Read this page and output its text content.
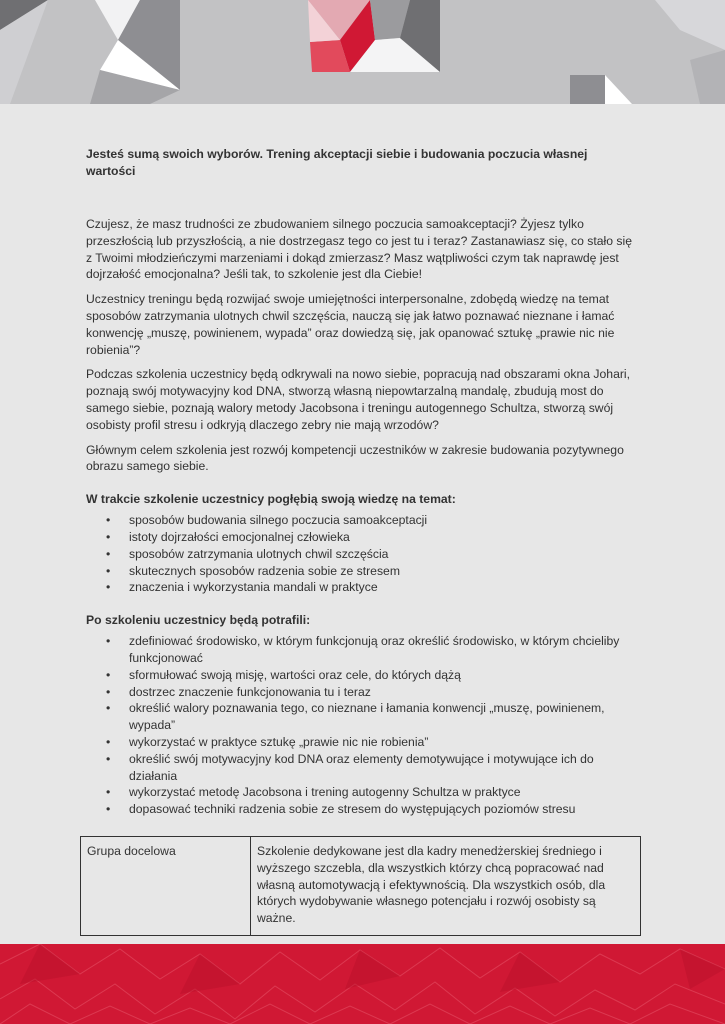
Jesteś sumą swoich wyborów. Trening akceptacji siebie i budowania poczucia własnej wartości

Czujesz, że masz trudności ze zbudowaniem silnego poczucia samoakceptacji? Żyjesz tylko przeszłością lub przyszłością, a nie dostrzegasz tego co jest tu i teraz? Zastanawiasz się, co stało się z Twoimi młodzieńczymi marzeniami i dokąd zmierzasz? Masz wątpliwości czym tak naprawdę jest dojrzałość emocjonalna? Jeśli tak, to szkolenie jest dla Ciebie!

Uczestnicy treningu będą rozwijać swoje umiejętności interpersonalne, zdobędą wiedzę na temat sposobów zatrzymania ulotnych chwil szczęścia, nauczą się jak łatwo poznawać nieznane i łamać konwencję „muszę, powinienem, wypada” oraz dowiedzą się, jak opanować sztukę „prawie nic nie robienia”?

Podczas szkolenia uczestnicy będą odkrywali na nowo siebie, popracują nad obszarami okna Johari, poznają swój motywacyjny kod DNA, stworzą własną niepowtarzalną mandalę, zbudują most do samego siebie, poznają walory metody Jacobsona i treningu autogennego Schultza, stworzą swój osobisty profil stresu i odkryją dlaczego zebry nie mają wrzodów?

Głównym celem szkolenia jest rozwój kompetencji uczestników w zakresie budowania pozytywnego obrazu samego siebie.

W trakcie szkolenie uczestnicy pogłębią swoją wiedzę na temat:

• sposobów budowania silnego poczucia samoakceptacji
• istoty dojrzałości emocjonalnej człowieka
• sposobów zatrzymania ulotnych chwil szczęścia
• skutecznych sposobów radzenia sobie ze stresem
• znaczenia i wykorzystania mandali w praktyce

Po szkoleniu uczestnicy będą potrafili:

• zdefiniować środowisko, w którym funkcjonują oraz określić środowisko, w którym chcieliby funkcjonować
• sformułować swoją misję, wartości oraz cele, do których dążą
• dostrzec znaczenie funkcjonowania tu i teraz
• określić walory poznawania tego, co nieznane i łamania konwencji „muszę, powinienem, wypada”
• wykorzystać w praktyce sztukę „prawie nic nie robienia”
• określić swój motywacyjny kod DNA oraz elementy demotywujące i motywujące ich do działania
• wykorzystać metodę Jacobsona i trening autogenny Schultza w praktyce
• dopasować techniki radzenia sobie ze stresem do występujących poziomów stresu
Grupa docelowa	Szkolenie dedykowane jest dla kadry menedżerskiej średniego i wyższego szczebla, dla wszystkich którzy chcą popracować nad własną automotywacją i efektywnością. Dla wszystkich osób, dla których wydobywanie własnego potencjału i rozwój osobisty są ważne.
